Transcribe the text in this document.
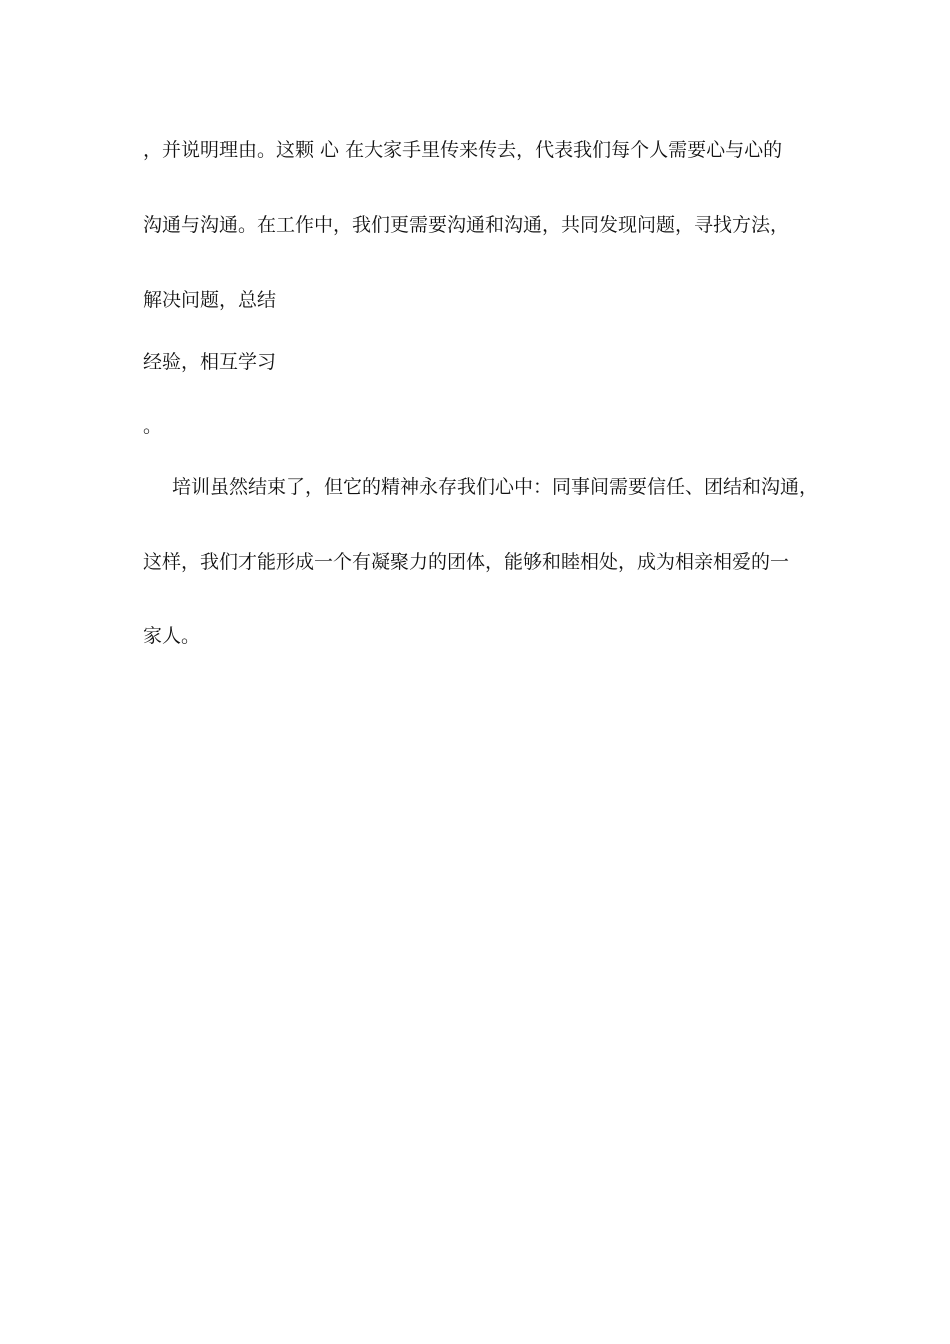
，并说明理由。这颗 心 在大家手里传来传去，代表我们每个人需要心与心的
沟通与沟通。在工作中，我们更需要沟通和沟通，共同发现问题，寻找方法，
解决问题，总结
经验，相互学习
。
培训虽然结束了，但它的精神永存我们心中：同事间需要信任、团结和沟通，
这样，我们才能形成一个有凝聚力的团体，能够和睦相处，成为相亲相爱的一
家人。
